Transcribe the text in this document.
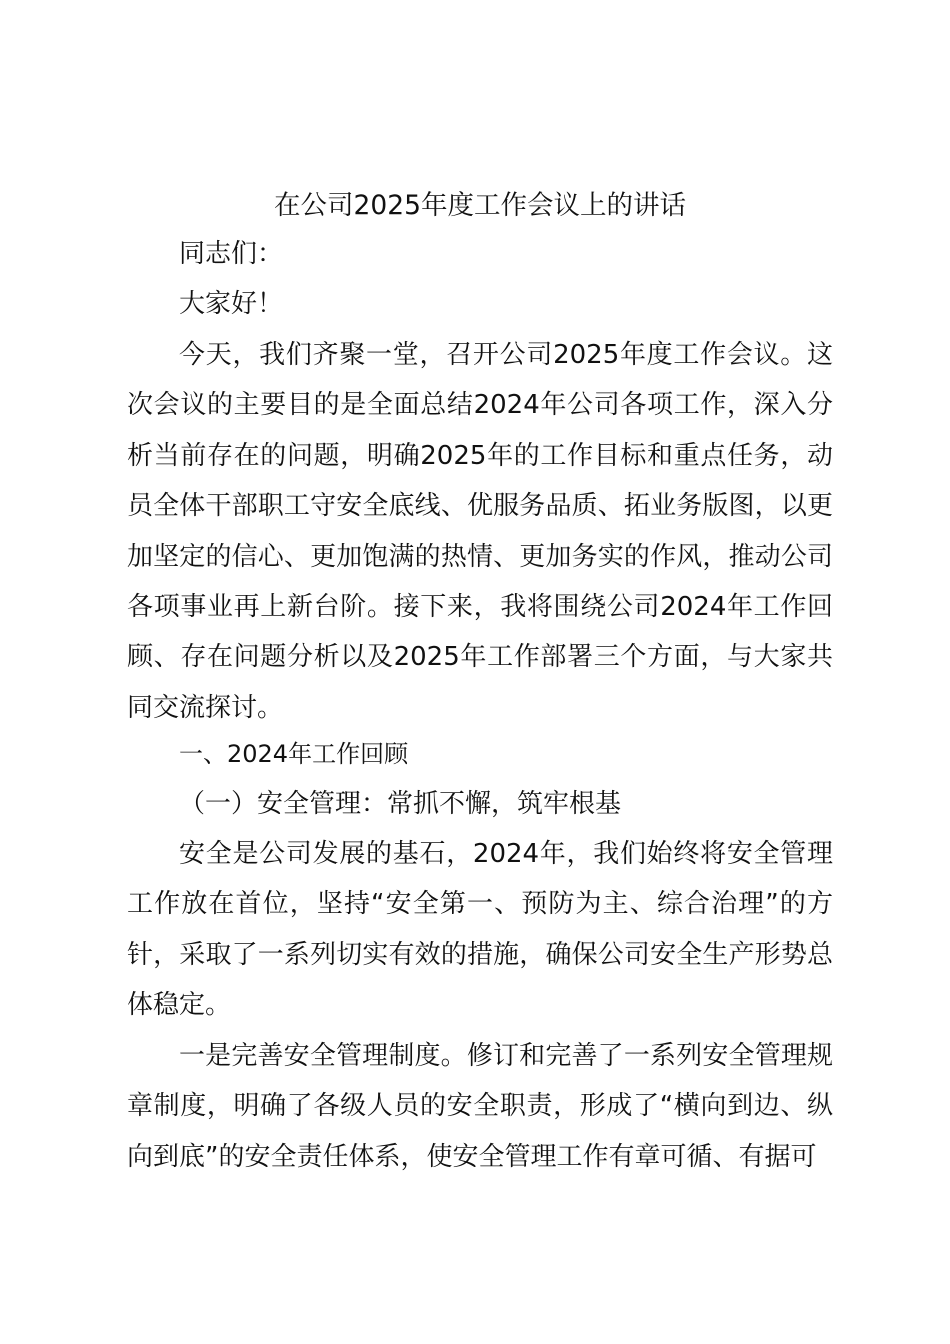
在公司2025年度工作会议上的讲话

同志们：

大家好！

今天，我们齐聚一堂，召开公司2025年度工作会议。这次会议的主要目的是全面总结2024年公司各项工作，深入分析当前存在的问题，明确2025年的工作目标和重点任务，动员全体干部职工守安全底线、优服务品质、拓业务版图，以更加坚定的信心、更加饱满的热情、更加务实的作风，推动公司各项事业再上新台阶。接下来，我将围绕公司2024年工作回顾、存在问题分析以及2025年工作部署三个方面，与大家共同交流探讨。

一、2024年工作回顾

（一）安全管理：常抓不懈，筑牢根基

安全是公司发展的基石，2024年，我们始终将安全管理工作放在首位，坚持“安全第一、预防为主、综合治理”的方针，采取了一系列切实有效的措施，确保公司安全生产形势总体稳定。

一是完善安全管理制度。修订和完善了一系列安全管理规章制度，明确了各级人员的安全职责，形成了“横向到边、纵向到底”的安全责任体系，使安全管理工作有章可循、有据可
